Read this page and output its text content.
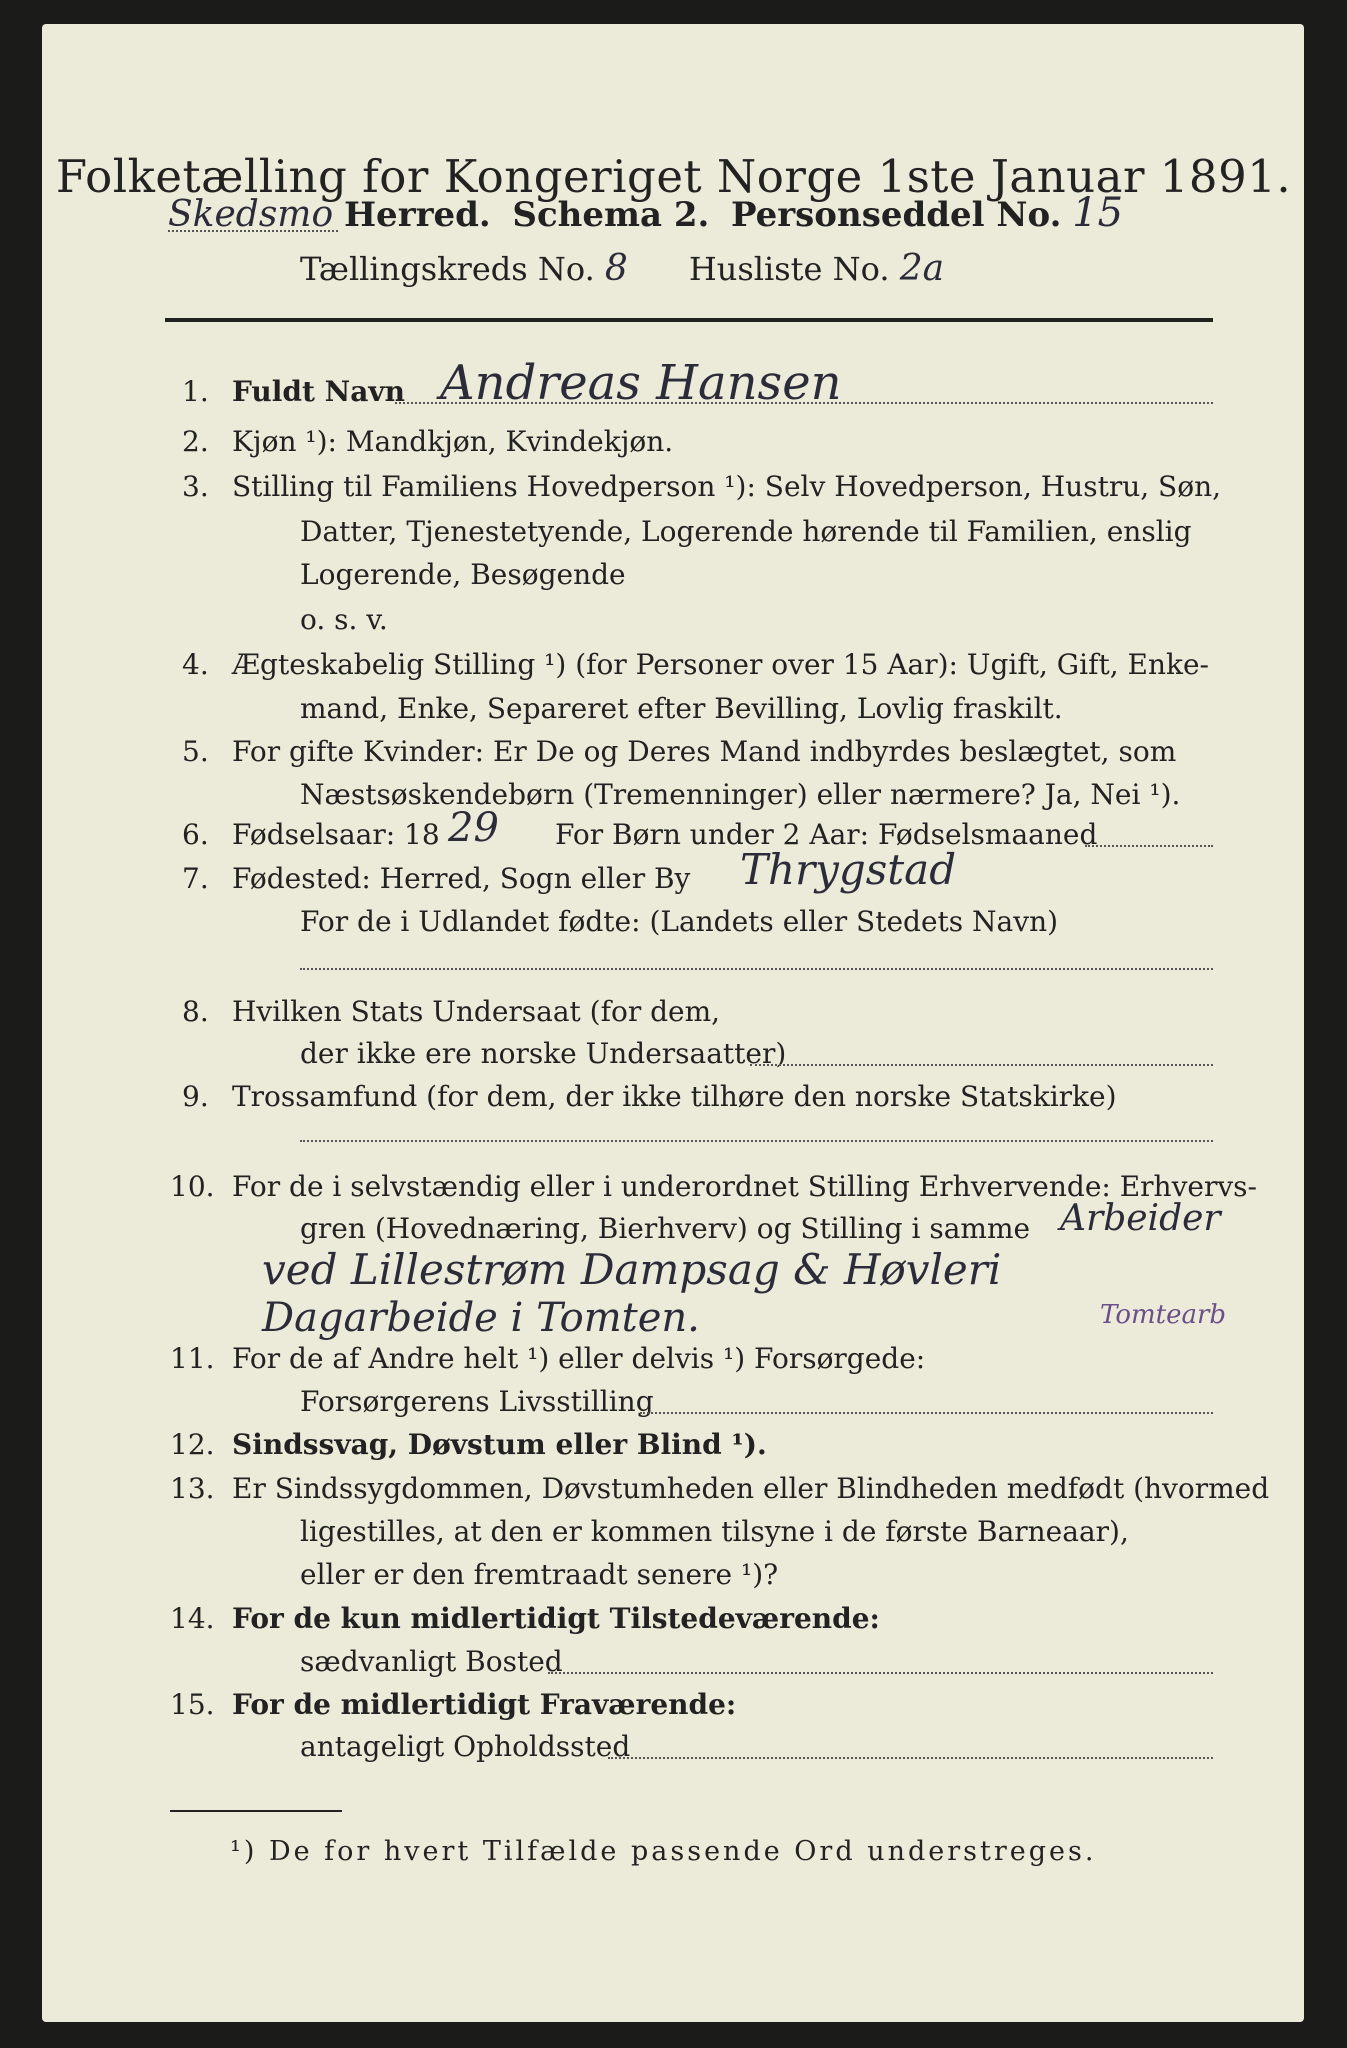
Folketælling for Kongeriget Norge 1ste Januar 1891.
Skedsmo Herred. Schema 2. Personseddel No. 15
Tællingskreds No. 8 Husliste No. 2a
1. Fuldt Navn Andreas Hansen
2. Kjøn ¹): Mandkjøn, Kvindekjøn.
3. Stilling til Familiens Hovedperson ¹): Selv Hovedperson, Hustru, Søn,
Datter, Tjenestetyende, Logerende hørende til Familien, enslig
Logerende, Besøgende
o. s. v.
4. Ægteskabelig Stilling ¹) (for Personer over 15 Aar): Ugift, Gift, Enke-
mand, Enke, Separeret efter Bevilling, Lovlig fraskilt.
5. For gifte Kvinder: Er De og Deres Mand indbyrdes beslægtet, som
Næstsøskendebørn (Tremenninger) eller nærmere? Ja, Nei ¹).
6. Fødselsaar: 18 29 For Børn under 2 Aar: Fødselsmaaned
7. Fødested: Herred, Sogn eller By Thrygstad
For de i Udlandet fødte: (Landets eller Stedets Navn)
8. Hvilken Stats Undersaat (for dem,
der ikke ere norske Undersaatter)
9. Trossamfund (for dem, der ikke tilhøre den norske Statskirke)
10. For de i selvstændig eller i underordnet Stilling Erhvervende: Erhvervs-
gren (Hovednæring, Bierhverv) og Stilling i samme Arbeider
ved Lillestrøm Dampsag & Høvleri
Dagarbeide i Tomten.	Tomtearb
11. For de af Andre helt ¹) eller delvis ¹) Forsørgede:
Forsørgerens Livsstilling
12. Sindssvag, Døvstum eller Blind ¹).
13. Er Sindssygdommen, Døvstumheden eller Blindheden medfødt (hvormed
ligestilles, at den er kommen tilsyne i de første Barneaar),
eller er den fremtraadt senere ¹)?
14. For de kun midlertidigt Tilstedeværende:
sædvanligt Bosted
15. For de midlertidigt Fraværende:
antageligt Opholdssted
¹) De for hvert Tilfælde passende Ord understreges.
